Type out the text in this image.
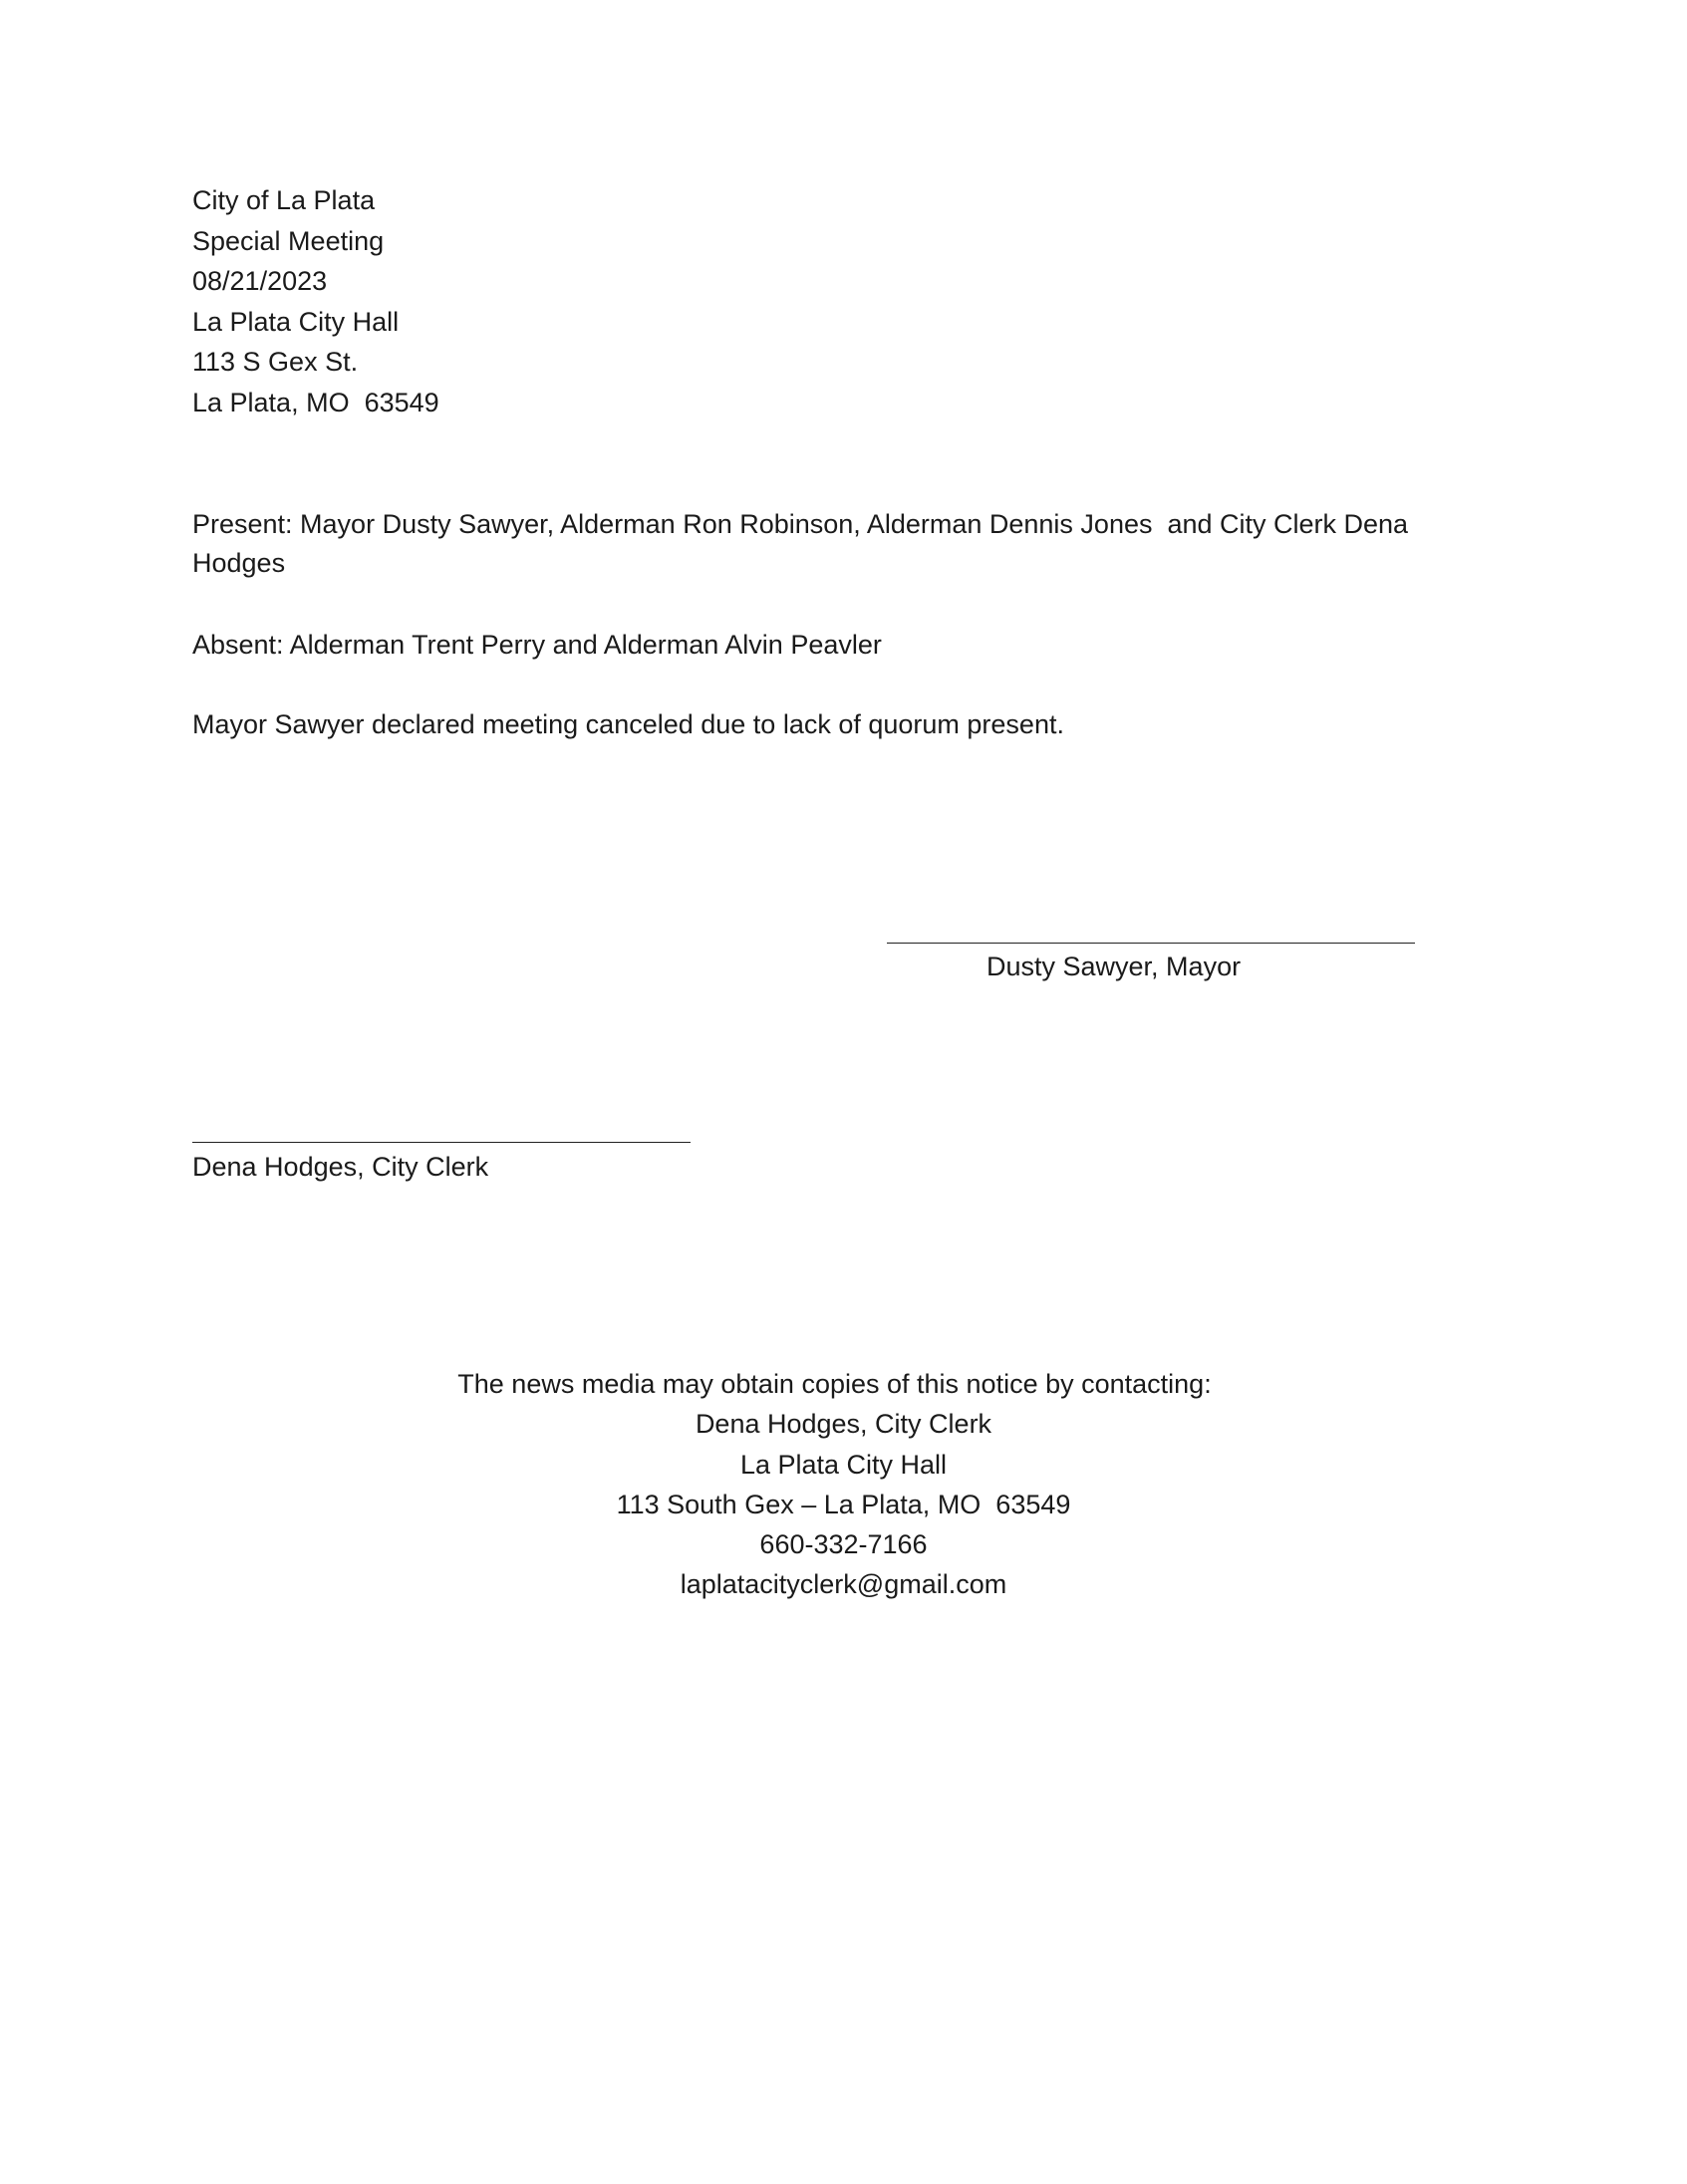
City of La Plata
Special Meeting
08/21/2023
La Plata City Hall
113 S Gex St.
La Plata, MO  63549
Present: Mayor Dusty Sawyer, Alderman Ron Robinson, Alderman Dennis Jones  and City Clerk Dena Hodges
Absent: Alderman Trent Perry and Alderman Alvin Peavler
Mayor Sawyer declared meeting canceled due to lack of quorum present.
Dusty Sawyer, Mayor
Dena Hodges, City Clerk
The news media may obtain copies of this notice by contacting:
Dena Hodges, City Clerk
La Plata City Hall
113 South Gex – La Plata, MO  63549
660-332-7166
laplatacityclerk@gmail.com
